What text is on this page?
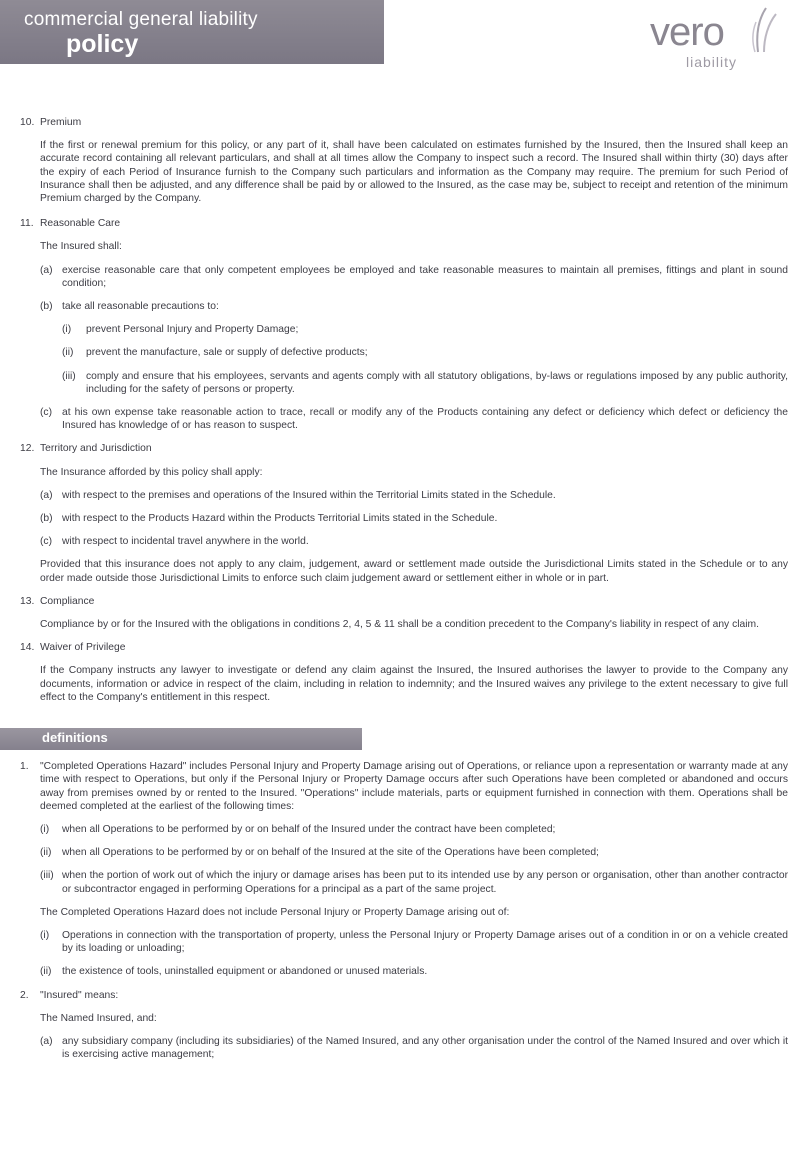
commercial general liability
policy	vero
liability
10. Premium
If the first or renewal premium for this policy, or any part of it, shall have been calculated on estimates furnished by the Insured, then the Insured shall keep an accurate record containing all relevant particulars, and shall at all times allow the Company to inspect such a record. The Insured shall within thirty (30) days after the expiry of each Period of Insurance furnish to the Company such particulars and information as the Company may require. The premium for such Period of Insurance shall then be adjusted, and any difference shall be paid by or allowed to the Insured, as the case may be, subject to receipt and retention of the minimum Premium charged by the Company.
11. Reasonable Care
The Insured shall:
(a) exercise reasonable care that only competent employees be employed and take reasonable measures to maintain all premises, fittings and plant in sound condition;
(b) take all reasonable precautions to:
(i)	prevent Personal Injury and Property Damage;
(ii)	prevent the manufacture, sale or supply of defective products;
(iii) comply and ensure that his employees, servants and agents comply with all statutory obligations, by-laws or regulations imposed by any public authority, including for the safety of persons or property.
(c) at his own expense take reasonable action to trace, recall or modify any of the Products containing any defect or deficiency which defect or deficiency the Insured has knowledge of or has reason to suspect.
12. Territory and Jurisdiction
The Insurance afforded by this policy shall apply:
(a) with respect to the premises and operations of the Insured within the Territorial Limits stated in the Schedule.
(b) with respect to the Products Hazard within the Products Territorial Limits stated in the Schedule.
(c) with respect to incidental travel anywhere in the world.
Provided that this insurance does not apply to any claim, judgement, award or settlement made outside the Jurisdictional Limits stated in the Schedule or to any order made outside those Jurisdictional Limits to enforce such claim judgement award or settlement either in whole or in part.
13. Compliance
Compliance by or for the Insured with the obligations in conditions 2, 4, 5 & 11 shall be a condition precedent to the Company's liability in respect of any claim.
14. Waiver of Privilege
If the Company instructs any lawyer to investigate or defend any claim against the Insured, the Insured authorises the lawyer to provide to the Company any documents, information or advice in respect of the claim, including in relation to indemnity; and the Insured waives any privilege to the extent necessary to give full effect to the Company's entitlement in this respect.
definitions
1.	"Completed Operations Hazard" includes Personal Injury and Property Damage arising out of Operations, or reliance upon a representation or warranty made at any time with respect to Operations, but only if the Personal Injury or Property Damage occurs after such Operations have been completed or abandoned and occurs away from premises owned by or rented to the Insured. "Operations" include materials, parts or equipment furnished in connection with them. Operations shall be deemed completed at the earliest of the following times:
(i)	when all Operations to be performed by or on behalf of the Insured under the contract have been completed;
(ii)	when all Operations to be performed by or on behalf of the Insured at the site of the Operations have been completed;
(iii) when the portion of work out of which the injury or damage arises has been put to its intended use by any person or organisation, other than another contractor or subcontractor engaged in performing Operations for a principal as a part of the same project.
The Completed Operations Hazard does not include Personal Injury or Property Damage arising out of:
(i)	Operations in connection with the transportation of property, unless the Personal Injury or Property Damage arises out of a condition in or on a vehicle created by its loading or unloading;
(ii)	the existence of tools, uninstalled equipment or abandoned or unused materials.
2.	"Insured" means:
The Named Insured, and:
(a) any subsidiary company (including its subsidiaries) of the Named Insured, and any other organisation under the control of the Named Insured and over which it is exercising active management;
